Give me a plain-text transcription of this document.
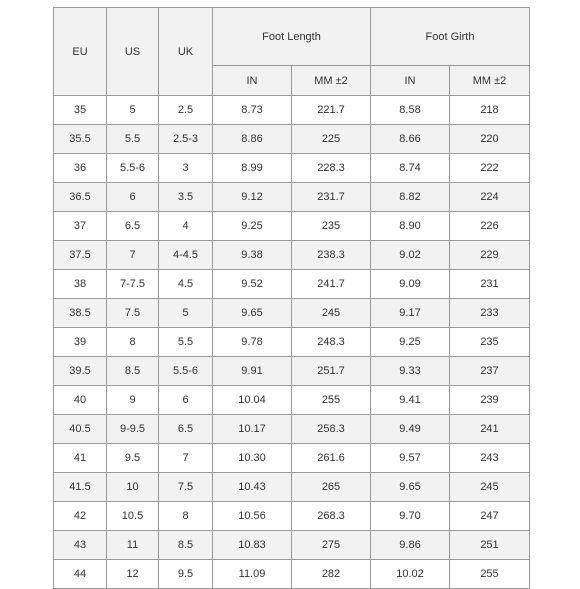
EU	US	UK	Foot Length		Foot Girth	
			IN	MM ±2	IN	MM ±2
35	5	2.5	8.73	221.7	8.58	218
35.5	5.5	2.5-3	8.86	225	8.66	220
36	5.5-6	3	8.99	228.3	8.74	222
36.5	6	3.5	9.12	231.7	8.82	224
37	6.5	4	9.25	235	8.90	226
37.5	7	4-4.5	9.38	238.3	9.02	229
38	7-7.5	4.5	9.52	241.7	9.09	231
38.5	7.5	5	9.65	245	9.17	233
39	8	5.5	9.78	248.3	9.25	235
39.5	8.5	5.5-6	9.91	251.7	9.33	237
40	9	6	10.04	255	9.41	239
40.5	9-9.5	6.5	10.17	258.3	9.49	241
41	9.5	7	10.30	261.6	9.57	243
41.5	10	7.5	10.43	265	9.65	245
42	10.5	8	10.56	268.3	9.70	247
43	11	8.5	10.83	275	9.86	251
44	12	9.5	11.09	282	10.02	255
